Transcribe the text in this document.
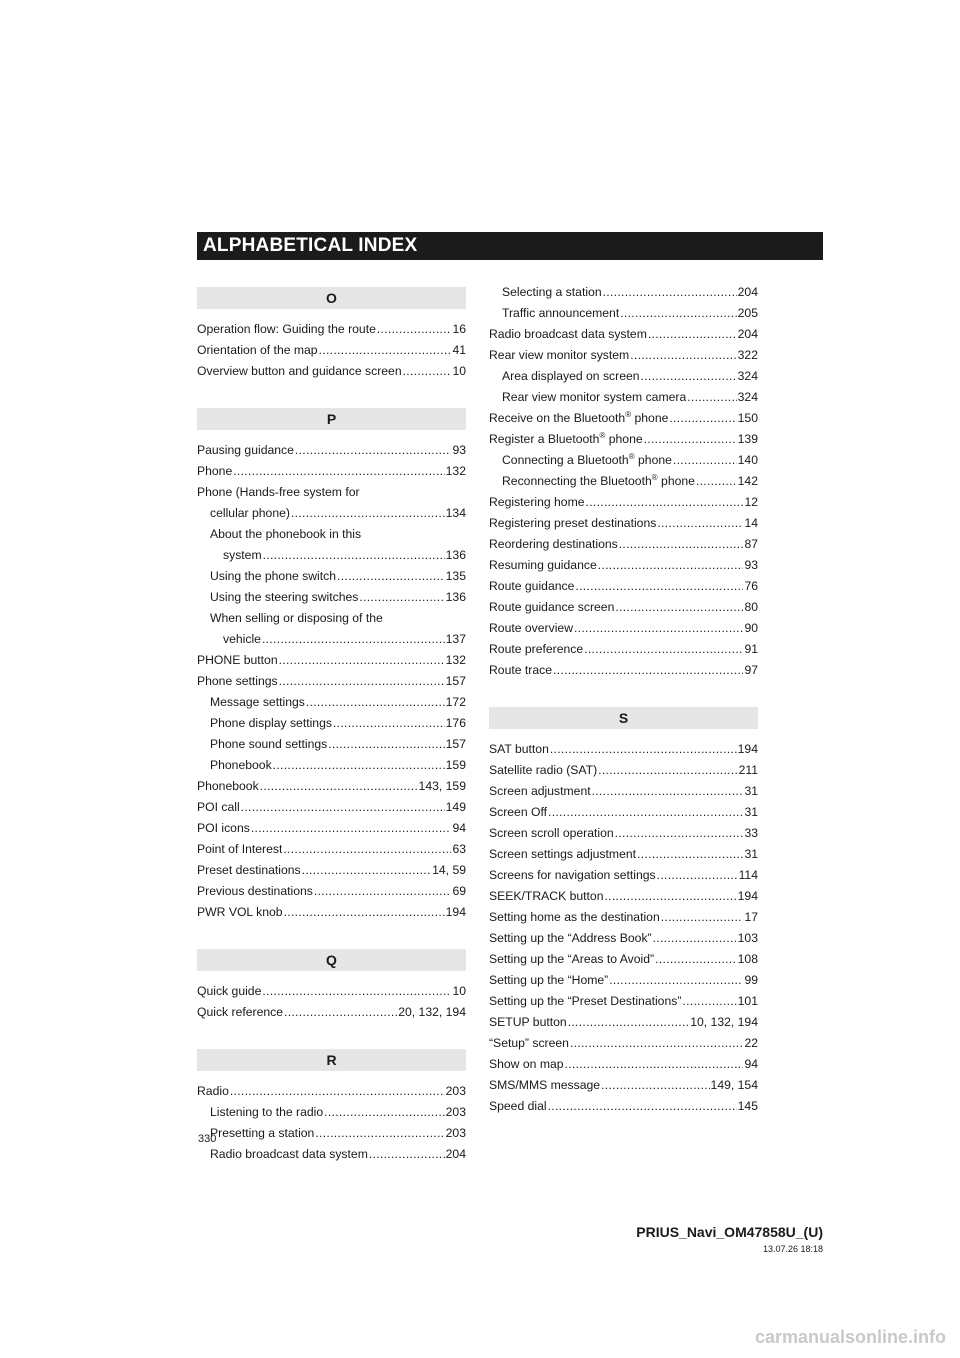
ALPHABETICAL INDEX
O
Operation flow: Guiding the route .....	16
Orientation of the map .....	41
Overview button and guidance screen .....	10
P
Pausing guidance .....	93
Phone .....	132
Phone (Hands-free system for
cellular phone) .....	134
About the phonebook in this
system .....	136
Using the phone switch .....	135
Using the steering switches .....	136
When selling or disposing of the
vehicle .....	137
PHONE button .....	132
Phone settings .....	157
Message settings .....	172
Phone display settings .....	176
Phone sound settings .....	157
Phonebook .....	159
Phonebook .....	143, 159
POI call .....	149
POI icons .....	94
Point of Interest .....	63
Preset destinations .....	14, 59
Previous destinations .....	69
PWR VOL knob .....	194
Q
Quick guide .....	10
Quick reference .....	20, 132, 194
R
Radio .....	203
Listening to the radio .....	203
Presetting a station .....	203
Radio broadcast data system .....	204
Selecting a station .....	204
Traffic announcement .....	205
Radio broadcast data system .....	204
Rear view monitor system .....	322
Area displayed on screen .....	324
Rear view monitor system camera .....	324
Receive on the Bluetooth® phone .....	150
Register a Bluetooth® phone .....	139
Connecting a Bluetooth® phone .....	140
Reconnecting the Bluetooth® phone .....	142
Registering home .....	12
Registering preset destinations .....	14
Reordering destinations .....	87
Resuming guidance .....	93
Route guidance .....	76
Route guidance screen .....	80
Route overview .....	90
Route preference .....	91
Route trace .....	97
S
SAT button .....	194
Satellite radio (SAT) .....	211
Screen adjustment .....	31
Screen Off .....	31
Screen scroll operation .....	33
Screen settings adjustment .....	31
Screens for navigation settings .....	114
SEEK/TRACK button .....	194
Setting home as the destination .....	17
Setting up the “Address Book” .....	103
Setting up the “Areas to Avoid” .....	108
Setting up the “Home” .....	99
Setting up the “Preset Destinations” .....	101
SETUP button .....	10, 132, 194
“Setup” screen .....	22
Show on map .....	94
SMS/MMS message .....	149, 154
Speed dial .....	145
330
PRIUS_Navi_OM47858U_(U)
13.07.26 18:18
carmanualsonline.info
